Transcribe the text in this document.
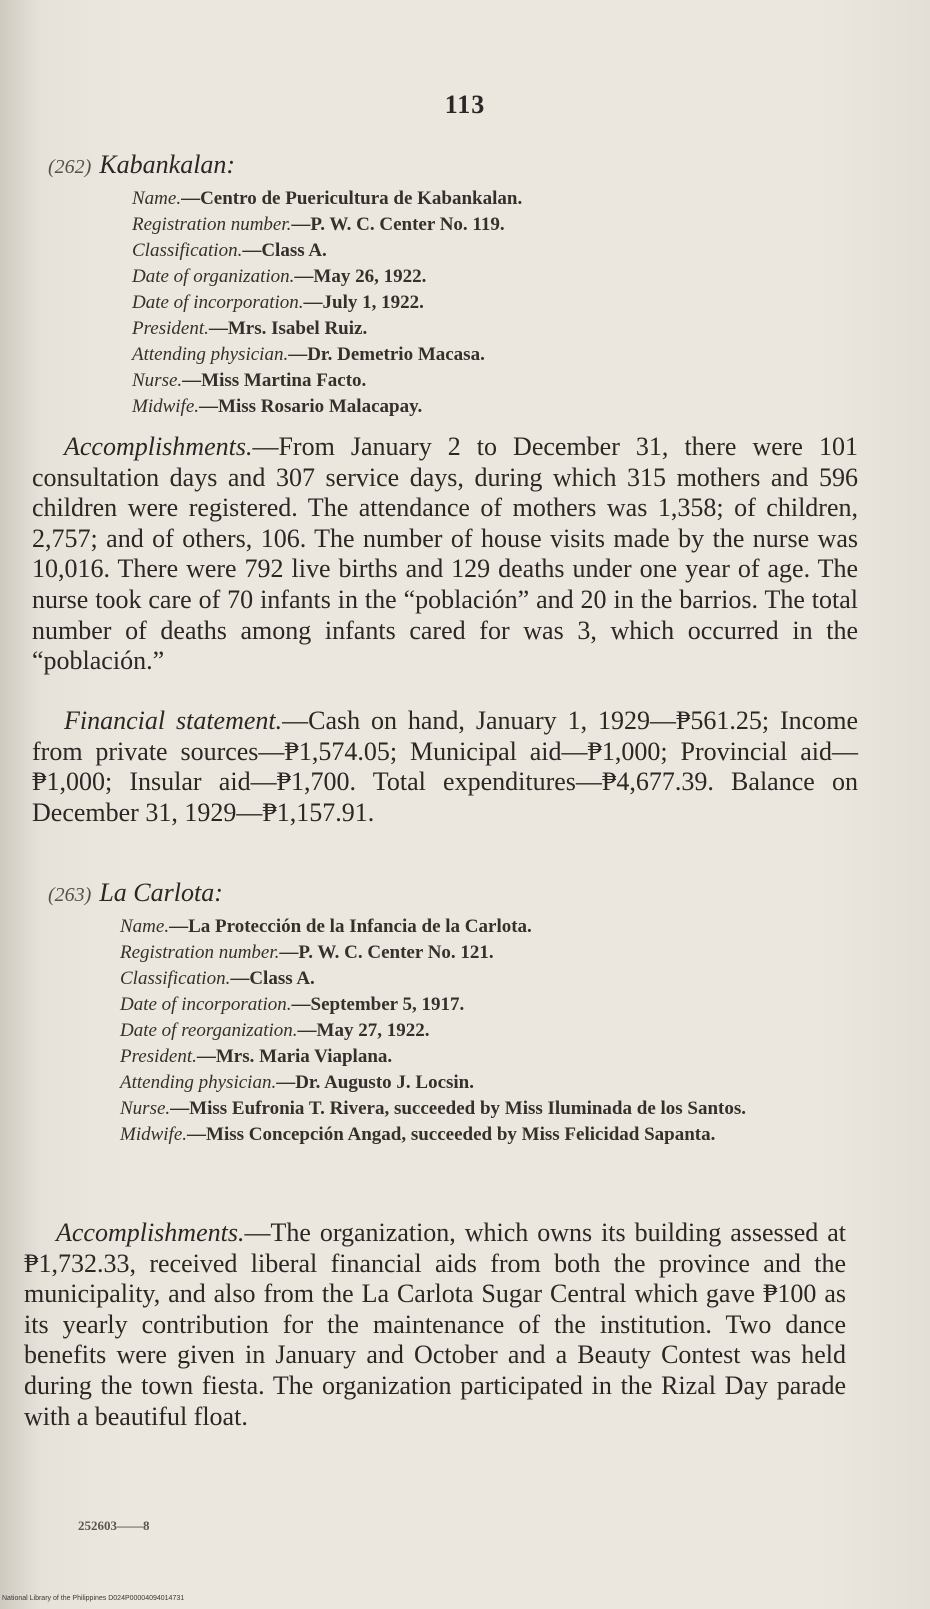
113
(262) Kabankalan:
Name.—Centro de Puericultura de Kabankalan.
Registration number.—P. W. C. Center No. 119.
Classification.—Class A.
Date of organization.—May 26, 1922.
Date of incorporation.—July 1, 1922.
President.—Mrs. Isabel Ruiz.
Attending physician.—Dr. Demetrio Macasa.
Nurse.—Miss Martina Facto.
Midwife.—Miss Rosario Malacapay.
Accomplishments.—From January 2 to December 31, there were 101 consultation days and 307 service days, during which 315 mothers and 596 children were registered. The attendance of mothers was 1,358; of children, 2,757; and of others, 106. The number of house visits made by the nurse was 10,016. There were 792 live births and 129 deaths under one year of age. The nurse took care of 70 infants in the “población” and 20 in the barrios. The total number of deaths among infants cared for was 3, which occurred in the “población.”
Financial statement.—Cash on hand, January 1, 1929—₱561.25; Income from private sources—₱1,574.05; Municipal aid—₱1,000; Provincial aid—₱1,000; Insular aid—₱1,700. Total expenditures—₱4,677.39. Balance on December 31, 1929—₱1,157.91.
(263) La Carlota:
Name.—La Protección de la Infancia de la Carlota.
Registration number.—P. W. C. Center No. 121.
Classification.—Class A.
Date of incorporation.—September 5, 1917.
Date of reorganization.—May 27, 1922.
President.—Mrs. Maria Viaplana.
Attending physician.—Dr. Augusto J. Locsin.
Nurse.—Miss Eufronia T. Rivera, succeeded by Miss Iluminada de los Santos.
Midwife.—Miss Concepción Angad, succeeded by Miss Felicidad Sapanta.
Accomplishments.—The organization, which owns its building assessed at ₱1,732.33, received liberal financial aids from both the province and the municipality, and also from the La Carlota Sugar Central which gave ₱100 as its yearly contribution for the maintenance of the institution. Two dance benefits were given in January and October and a Beauty Contest was held during the town fiesta. The organization participated in the Rizal Day parade with a beautiful float.
252603——8
National Library of the Philippines D024P00004094014731
